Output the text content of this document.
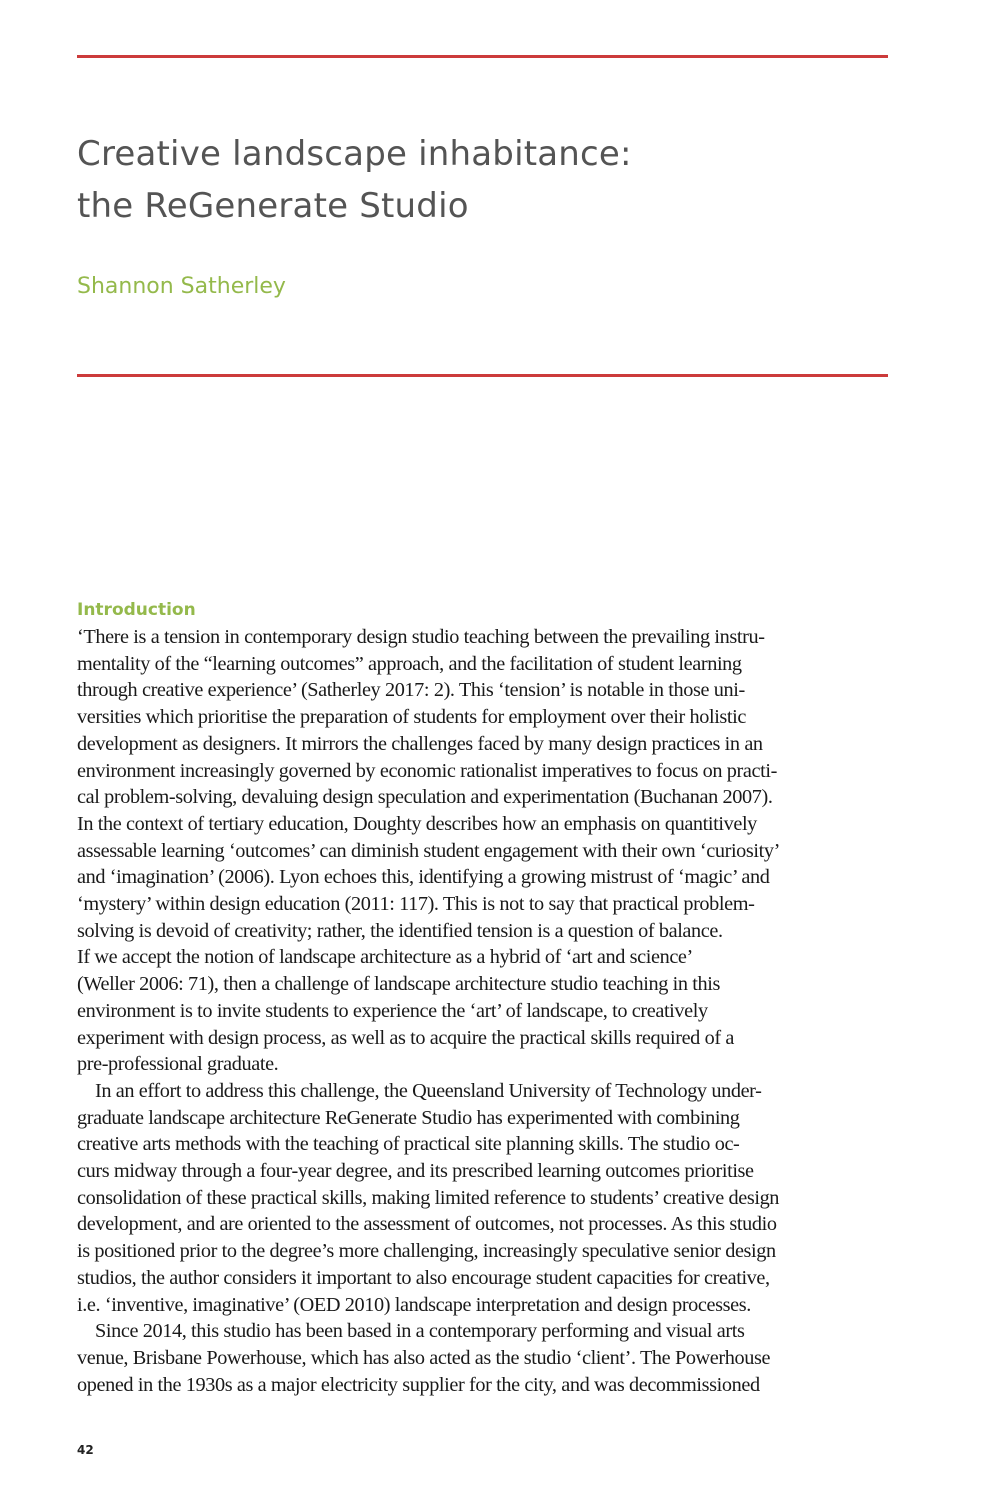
Creative landscape inhabitance:
the ReGenerate Studio

Shannon Satherley

Introduction
‘There is a tension in contemporary design studio teaching between the prevailing instru-
mentality of the “learning outcomes” approach, and the facilitation of student learning
through creative experience’ (Satherley 2017: 2). This ‘tension’ is notable in those uni-
versities which prioritise the preparation of students for employment over their holistic
development as designers. It mirrors the challenges faced by many design practices in an
environment increasingly governed by economic rationalist imperatives to focus on practi-
cal problem-solving, devaluing design speculation and experimentation (Buchanan 2007).
In the context of tertiary education, Doughty describes how an emphasis on quantitively
assessable learning ‘outcomes’ can diminish student engagement with their own ‘curiosity’
and ‘imagination’ (2006). Lyon echoes this, identifying a growing mistrust of ‘magic’ and
‘mystery’ within design education (2011: 117). This is not to say that practical problem-
solving is devoid of creativity; rather, the identified tension is a question of balance.
If we accept the notion of landscape architecture as a hybrid of ‘art and science’
(Weller 2006: 71), then a challenge of landscape architecture studio teaching in this
environment is to invite students to experience the ‘art’ of landscape, to creatively
experiment with design process, as well as to acquire the practical skills required of a
pre-professional graduate.
In an effort to address this challenge, the Queensland University of Technology under-
graduate landscape architecture ReGenerate Studio has experimented with combining
creative arts methods with the teaching of practical site planning skills. The studio oc-
curs midway through a four-year degree, and its prescribed learning outcomes prioritise
consolidation of these practical skills, making limited reference to students’ creative design
development, and are oriented to the assessment of outcomes, not processes. As this studio
is positioned prior to the degree’s more challenging, increasingly speculative senior design
studios, the author considers it important to also encourage student capacities for creative,
i.e. ‘inventive, imaginative’ (OED 2010) landscape interpretation and design processes.
Since 2014, this studio has been based in a contemporary performing and visual arts
venue, Brisbane Powerhouse, which has also acted as the studio ‘client’. The Powerhouse
opened in the 1930s as a major electricity supplier for the city, and was decommissioned

42
